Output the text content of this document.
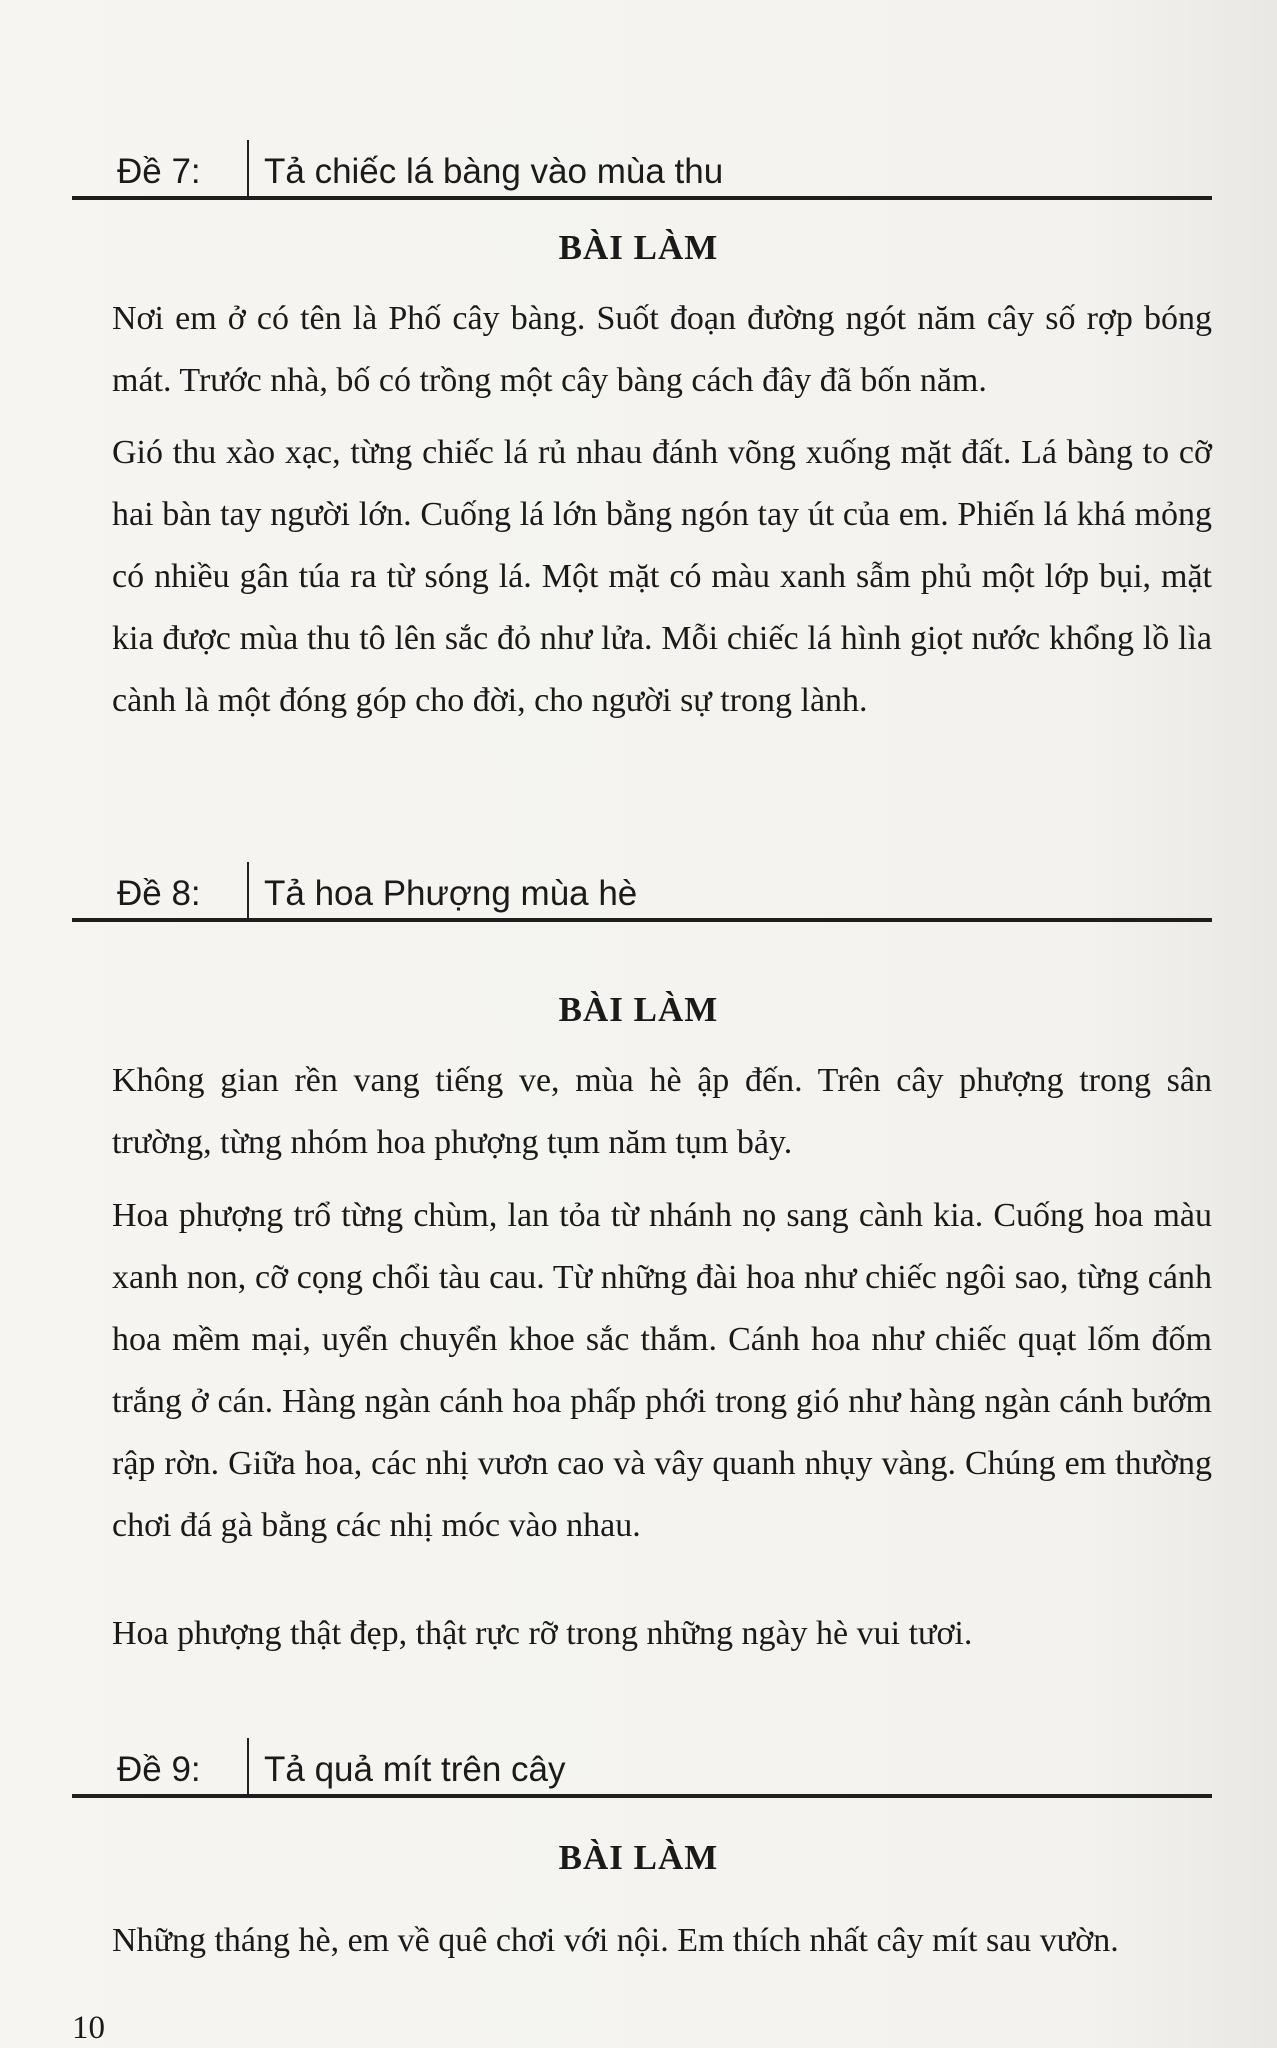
Đề 7: Tả chiếc lá bàng vào mùa thu
BÀI LÀM

Nơi em ở có tên là Phố cây bàng. Suốt đoạn đường ngót năm cây số rợp bóng mát. Trước nhà, bố có trồng một cây bàng cách đây đã bốn năm.

Gió thu xào xạc, từng chiếc lá rủ nhau đánh võng xuống mặt đất. Lá bàng to cỡ hai bàn tay người lớn. Cuống lá lớn bằng ngón tay út của em. Phiến lá khá mỏng có nhiều gân túa ra từ sóng lá. Một mặt có màu xanh sẫm phủ một lớp bụi, mặt kia được mùa thu tô lên sắc đỏ như lửa. Mỗi chiếc lá hình giọt nước khổng lồ lìa cành là một đóng góp cho đời, cho người sự trong lành.

Đề 8: Tả hoa Phượng mùa hè
BÀI LÀM

Không gian rền vang tiếng ve, mùa hè ập đến. Trên cây phượng trong sân trường, từng nhóm hoa phượng tụm năm tụm bảy.

Hoa phượng trổ từng chùm, lan tỏa từ nhánh nọ sang cành kia. Cuống hoa màu xanh non, cỡ cọng chổi tàu cau. Từ những đài hoa như chiếc ngôi sao, từng cánh hoa mềm mại, uyển chuyển khoe sắc thắm. Cánh hoa như chiếc quạt lốm đốm trắng ở cán. Hàng ngàn cánh hoa phấp phới trong gió như hàng ngàn cánh bướm rập rờn. Giữa hoa, các nhị vươn cao và vây quanh nhụy vàng. Chúng em thường chơi đá gà bằng các nhị móc vào nhau.

Hoa phượng thật đẹp, thật rực rỡ trong những ngày hè vui tươi.

Đề 9: Tả quả mít trên cây
BÀI LÀM

Những tháng hè, em về quê chơi với nội. Em thích nhất cây mít sau vườn.

10
